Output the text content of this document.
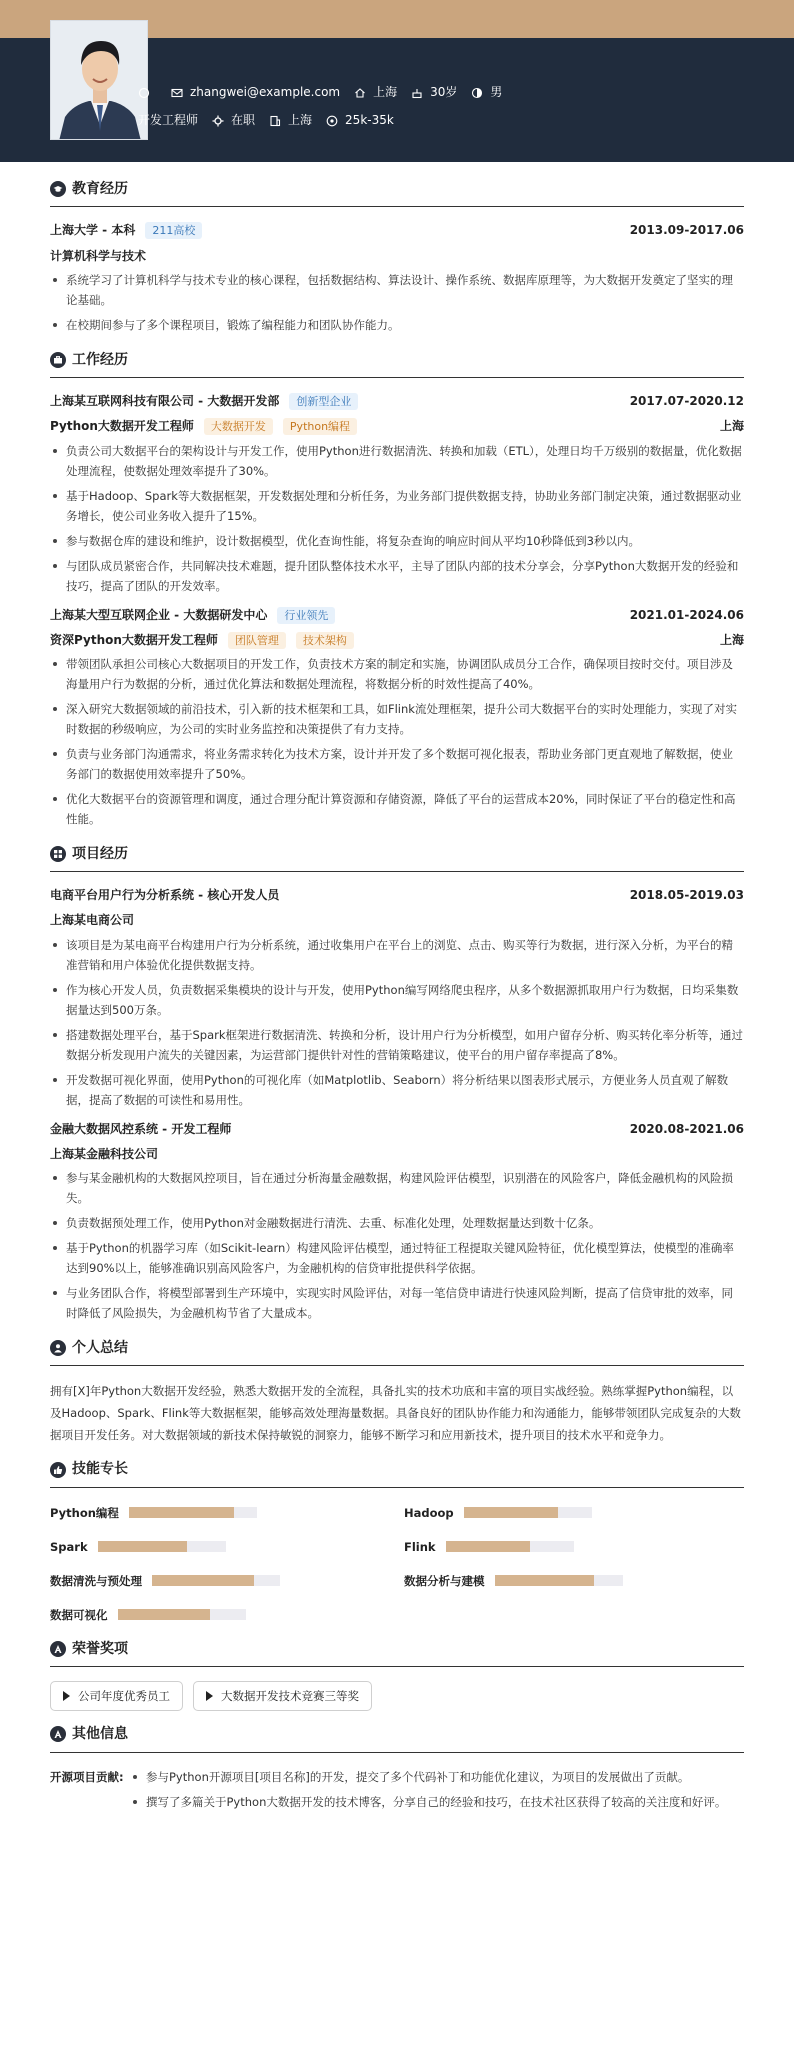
zhangwei@example.com	上海	30岁	男
开发工程师	在职	上海	25k-35k
教育经历
上海大学 - 本科	211高校	2013.09-2017.06
计算机科学与技术
系统学习了计算机科学与技术专业的核心课程，包括数据结构、算法设计、操作系统、数据库原理等，为大数据开发奠定了坚实的理论基础。
在校期间参与了多个课程项目，锻炼了编程能力和团队协作能力。
工作经历
上海某互联网科技有限公司 - 大数据开发部	创新型企业	2017.07-2020.12
Python大数据开发工程师	大数据开发	Python编程	上海
负责公司大数据平台的架构设计与开发工作，使用Python进行数据清洗、转换和加载（ETL），处理日均千万级别的数据量，优化数据处理流程，使数据处理效率提升了30%。
基于Hadoop、Spark等大数据框架，开发数据处理和分析任务，为业务部门提供数据支持，协助业务部门制定决策，通过数据驱动业务增长，使公司业务收入提升了15%。
参与数据仓库的建设和维护，设计数据模型，优化查询性能，将复杂查询的响应时间从平均10秒降低到3秒以内。
与团队成员紧密合作，共同解决技术难题，提升团队整体技术水平，主导了团队内部的技术分享会，分享Python大数据开发的经验和技巧，提高了团队的开发效率。
上海某大型互联网企业 - 大数据研发中心	行业领先	2021.01-2024.06
资深Python大数据开发工程师	团队管理	技术架构	上海
带领团队承担公司核心大数据项目的开发工作，负责技术方案的制定和实施，协调团队成员分工合作，确保项目按时交付。项目涉及海量用户行为数据的分析，通过优化算法和数据处理流程，将数据分析的时效性提高了40%。
深入研究大数据领域的前沿技术，引入新的技术框架和工具，如Flink流处理框架，提升公司大数据平台的实时处理能力，实现了对实时数据的秒级响应，为公司的实时业务监控和决策提供了有力支持。
负责与业务部门沟通需求，将业务需求转化为技术方案，设计并开发了多个数据可视化报表，帮助业务部门更直观地了解数据，使业务部门的数据使用效率提升了50%。
优化大数据平台的资源管理和调度，通过合理分配计算资源和存储资源，降低了平台的运营成本20%，同时保证了平台的稳定性和高性能。
项目经历
电商平台用户行为分析系统 - 核心开发人员	2018.05-2019.03
上海某电商公司
该项目是为某电商平台构建用户行为分析系统，通过收集用户在平台上的浏览、点击、购买等行为数据，进行深入分析，为平台的精准营销和用户体验优化提供数据支持。
作为核心开发人员，负责数据采集模块的设计与开发，使用Python编写网络爬虫程序，从多个数据源抓取用户行为数据，日均采集数据量达到500万条。
搭建数据处理平台，基于Spark框架进行数据清洗、转换和分析，设计用户行为分析模型，如用户留存分析、购买转化率分析等，通过数据分析发现用户流失的关键因素，为运营部门提供针对性的营销策略建议，使平台的用户留存率提高了8%。
开发数据可视化界面，使用Python的可视化库（如Matplotlib、Seaborn）将分析结果以图表形式展示，方便业务人员直观了解数据，提高了数据的可读性和易用性。
金融大数据风控系统 - 开发工程师	2020.08-2021.06
上海某金融科技公司
参与某金融机构的大数据风控项目，旨在通过分析海量金融数据，构建风险评估模型，识别潜在的风险客户，降低金融机构的风险损失。
负责数据预处理工作，使用Python对金融数据进行清洗、去重、标准化处理，处理数据量达到数十亿条。
基于Python的机器学习库（如Scikit-learn）构建风险评估模型，通过特征工程提取关键风险特征，优化模型算法，使模型的准确率达到90%以上，能够准确识别高风险客户，为金融机构的信贷审批提供科学依据。
与业务团队合作，将模型部署到生产环境中，实现实时风险评估，对每一笔信贷申请进行快速风险判断，提高了信贷审批的效率，同时降低了风险损失，为金融机构节省了大量成本。
个人总结

拥有[X]年Python大数据开发经验，熟悉大数据开发的全流程，具备扎实的技术功底和丰富的项目实战经验。熟练掌握Python编程，以及Hadoop、Spark、Flink等大数据框架，能够高效处理海量数据。具备良好的团队协作能力和沟通能力，能够带领团队完成复杂的大数据项目开发任务。对大数据领域的新技术保持敏锐的洞察力，能够不断学习和应用新技术，提升项目的技术水平和竞争力。

技能专长
Python编程	Hadoop
Spark	Flink
数据清洗与预处理	数据分析与建模
数据可视化
荣誉奖项
公司年度优秀员工	大数据开发技术竞赛三等奖
其他信息
开源项目贡献:	参与Python开源项目[项目名称]的开发，提交了多个代码补丁和功能优化建议，为项目的发展做出了贡献。
撰写了多篇关于Python大数据开发的技术博客，分享自己的经验和技巧，在技术社区获得了较高的关注度和好评。
